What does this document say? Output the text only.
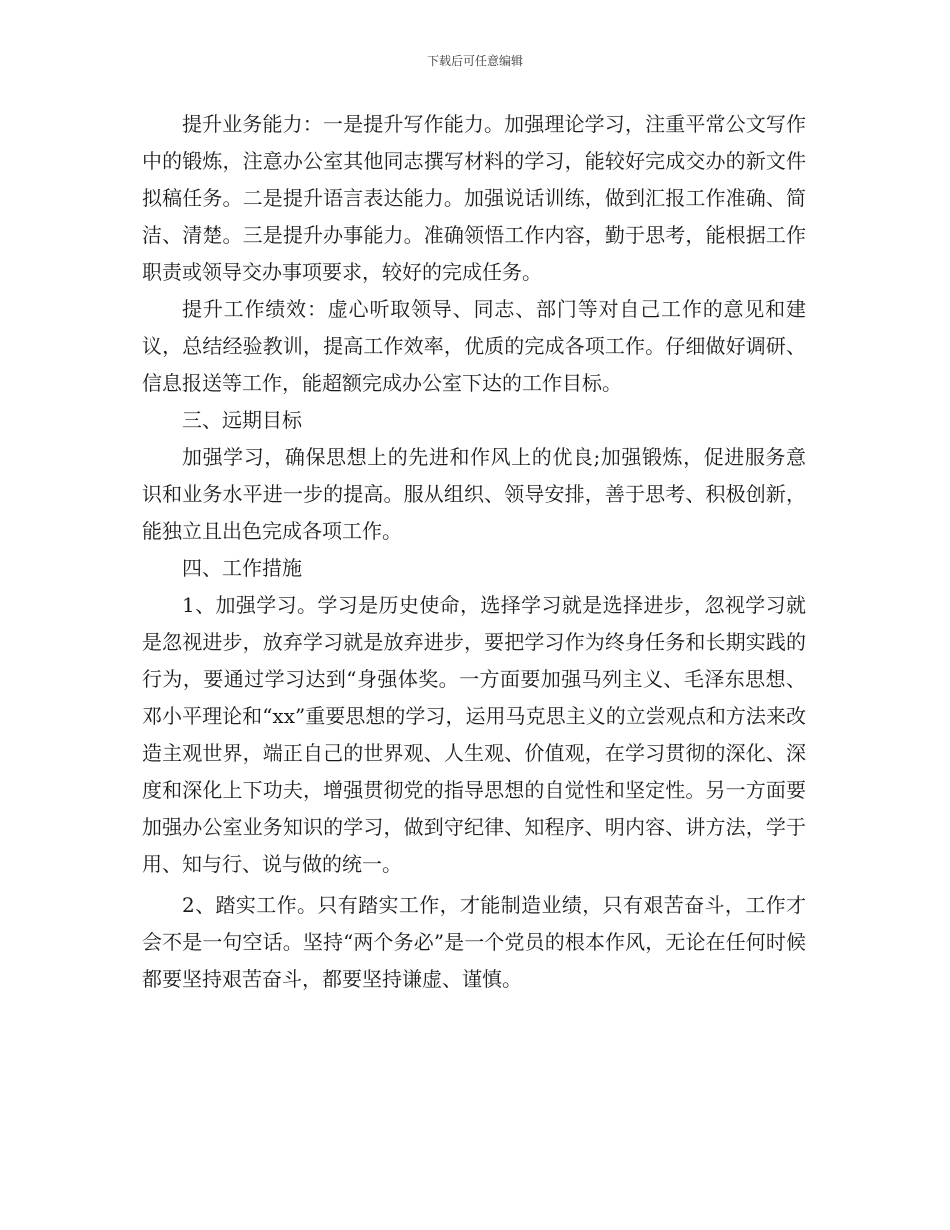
下载后可任意编辑

提升业务能力：一是提升写作能力。加强理论学习，注重平常公文写作中的锻炼，注意办公室其他同志撰写材料的学习，能较好完成交办的新文件拟稿任务。二是提升语言表达能力。加强说话训练，做到汇报工作准确、简洁、清楚。三是提升办事能力。准确领悟工作内容，勤于思考，能根据工作职责或领导交办事项要求，较好的完成任务。

提升工作绩效：虚心听取领导、同志、部门等对自己工作的意见和建议，总结经验教训，提高工作效率，优质的完成各项工作。仔细做好调研、信息报送等工作，能超额完成办公室下达的工作目标。

三、远期目标

加强学习，确保思想上的先进和作风上的优良;加强锻炼，促进服务意识和业务水平进一步的提高。服从组织、领导安排，善于思考、积极创新，能独立且出色完成各项工作。

四、工作措施

1、加强学习。学习是历史使命，选择学习就是选择进步，忽视学习就是忽视进步，放弃学习就是放弃进步，要把学习作为终身任务和长期实践的行为，要通过学习达到“身强体奖。一方面要加强马列主义、毛泽东思想、邓小平理论和“xx”重要思想的学习，运用马克思主义的立尝观点和方法来改造主观世界，端正自己的世界观、人生观、价值观，在学习贯彻的深化、深度和深化上下功夫，增强贯彻党的指导思想的自觉性和坚定性。另一方面要加强办公室业务知识的学习，做到守纪律、知程序、明内容、讲方法，学于用、知与行、说与做的统一。

2、踏实工作。只有踏实工作，才能制造业绩，只有艰苦奋斗，工作才会不是一句空话。坚持“两个务必”是一个党员的根本作风，无论在任何时候都要坚持艰苦奋斗，都要坚持谦虚、谨慎。
